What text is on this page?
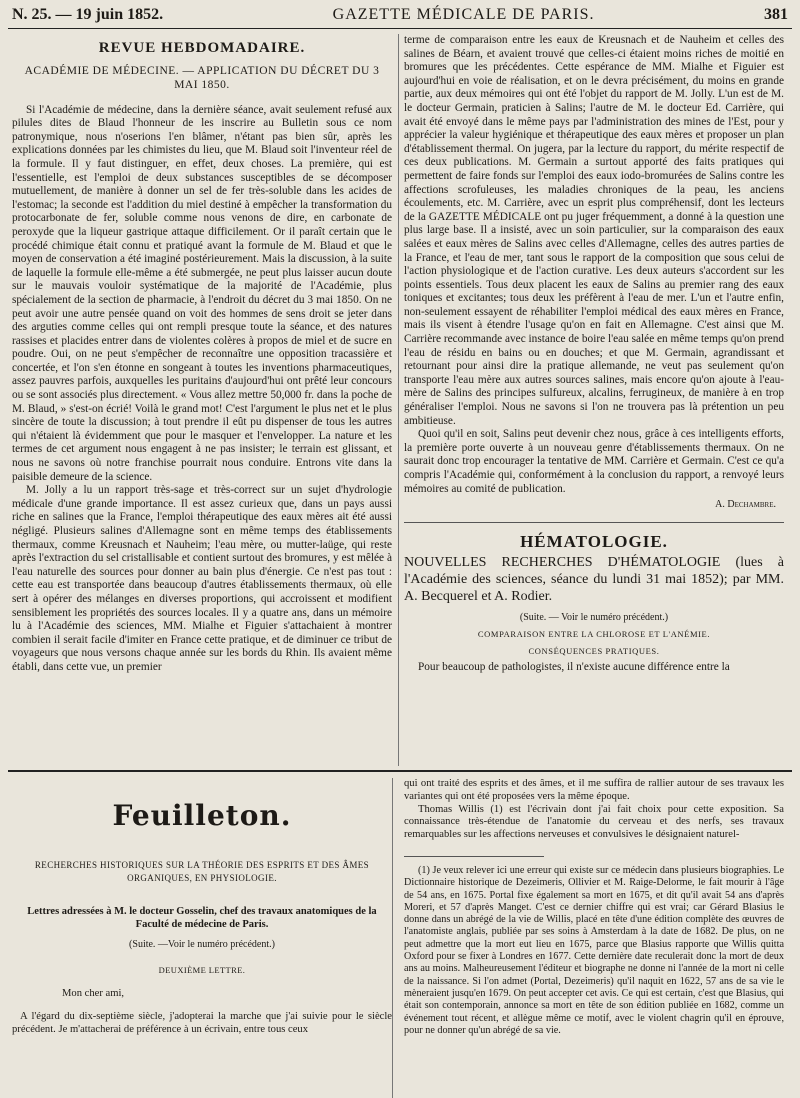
N. 25. — 19 juin 1852.	GAZETTE MÉDICALE DE PARIS.	381
REVUE HEBDOMADAIRE.
ACADÉMIE DE MÉDECINE. — APPLICATION DU DÉCRET DU 3 MAI 1850.

Si l'Académie de médecine, dans la dernière séance, avait seulement refusé aux pilules dites de Blaud l'honneur de les inscrire au Bulletin sous ce nom patronymique, nous n'oserions l'en blâmer, n'étant pas bien sûr, après les explications données par les chimistes du lieu, que M. Blaud soit l'inventeur réel de la formule. Il y faut distinguer, en effet, deux choses. La première, qui est l'essentielle, est l'emploi de deux substances susceptibles de se décomposer mutuellement, de manière à donner un sel de fer très-soluble dans les acides de l'estomac; la seconde est l'addition du miel destiné à empêcher la transformation du protocarbonate de fer, soluble comme nous venons de dire, en carbonate de peroxyde que la liqueur gastrique attaque difficilement. Or il paraît certain que le procédé chimique était connu et pratiqué avant la formule de M. Blaud et que le moyen de conservation a été imaginé postérieurement. Mais la discussion, à la suite de laquelle la formule elle-même a été submergée, ne peut plus laisser aucun doute sur le mauvais vouloir systématique de la majorité de l'Académie, plus spécialement de la section de pharmacie, à l'endroit du décret du 3 mai 1850. On ne peut avoir une autre pensée quand on voit des hommes de sens droit se jeter dans des arguties comme celles qui ont rempli presque toute la séance, et des natures rassises et placides entrer dans de violentes colères à propos de miel et de sucre en poudre. Oui, on ne peut s'empêcher de reconnaître une opposition tracassière et concertée, et l'on s'en étonne en songeant à toutes les inventions pharmaceutiques, assez pauvres parfois, auxquelles les puritains d'aujourd'hui ont prêté leur concours ou se sont associés plus directement. « Vous allez mettre 50,000 fr. dans la poche de M. Blaud, » s'est-on écrié! Voilà le grand mot! C'est l'argument le plus net et le plus sincère de toute la discussion; à tout prendre il eût pu dispenser de tous les autres qui n'étaient là évidemment que pour le masquer et l'envelopper. La nature et les termes de cet argument nous engagent à ne pas insister; le terrain est glissant, et nous ne savons où notre franchise pourrait nous conduire. Entrons vite dans la paisible demeure de la science.

M. Jolly a lu un rapport très-sage et très-correct sur un sujet d'hydrologie médicale d'une grande importance. Il est assez curieux que, dans un pays aussi riche en salines que la France, l'emploi thérapeutique des eaux mères ait été aussi négligé. Plusieurs salines d'Allemagne sont en même temps des établissements thermaux, comme Kreusnach et Nauheim; l'eau mère, ou mutter-laüge, qui reste après l'extraction du sel cristallisable et contient surtout des bromures, y est mêlée à l'eau naturelle des sources pour donner au bain plus d'énergie. Ce n'est pas tout : cette eau est transportée dans beaucoup d'autres établissements thermaux, où elle sert à opérer des mélanges en diverses proportions, qui accroissent et modifient sensiblement les propriétés des sources locales. Il y a quatre ans, dans un mémoire lu à l'Académie des sciences, MM. Mialhe et Figuier s'attachaient à montrer combien il serait facile d'imiter en France cette pratique, et de diminuer ce tribut de voyageurs que nous versons chaque année sur les bords du Rhin. Ils avaient même établi, dans cette vue, un premier

terme de comparaison entre les eaux de Kreusnach et de Nauheim et celles des salines de Béarn, et avaient trouvé que celles-ci étaient moins riches de moitié en bromures que les précédentes. Cette espérance de MM. Mialhe et Figuier est aujourd'hui en voie de réalisation, et on le devra précisément, du moins en grande partie, aux deux mémoires qui ont été l'objet du rapport de M. Jolly. L'un est de M. le docteur Germain, praticien à Salins; l'autre de M. le docteur Ed. Carrière, qui avait été envoyé dans le même pays par l'administration des mines de l'Est, pour y apprécier la valeur hygiénique et thérapeutique des eaux mères et proposer un plan d'établissement thermal. On jugera, par la lecture du rapport, du mérite respectif de ces deux publications. M. Germain a surtout apporté des faits pratiques qui permettent de faire fonds sur l'emploi des eaux iodo-bromurées de Salins contre les affections scrofuleuses, les maladies chroniques de la peau, les anciens écoulements, etc. M. Carrière, avec un esprit plus compréhensif, dont les lecteurs de la GAZETTE MÉDICALE ont pu juger fréquemment, a donné à la question une plus large base. Il a insisté, avec un soin particulier, sur la comparaison des eaux salées et eaux mères de Salins avec celles d'Allemagne, celles des autres parties de la France, et l'eau de mer, tant sous le rapport de la composition que sous celui de l'action physiologique et de l'action curative. Les deux auteurs s'accordent sur les points essentiels. Tous deux placent les eaux de Salins au premier rang des eaux toniques et excitantes; tous deux les préfèrent à l'eau de mer. L'un et l'autre enfin, non-seulement essayent de réhabiliter l'emploi médical des eaux mères en France, mais ils visent à étendre l'usage qu'on en fait en Allemagne. C'est ainsi que M. Carrière recommande avec instance de boire l'eau salée en même temps qu'on prend l'eau de résidu en bains ou en douches; et que M. Germain, agrandissant et retournant pour ainsi dire la pratique allemande, ne veut pas seulement qu'on transporte l'eau mère aux autres sources salines, mais encore qu'on ajoute à l'eau-mère de Salins des principes sulfureux, alcalins, ferrugineux, de manière à en trop généraliser l'emploi. Nous ne savons si l'on ne trouvera pas là prétention un peu ambitieuse.

Quoi qu'il en soit, Salins peut devenir chez nous, grâce à ces intelligents efforts, la première porte ouverte à un nouveau genre d'établissements thermaux. On ne saurait donc trop encourager la tentative de MM. Carrière et Germain. C'est ce qu'a compris l'Académie qui, conformément à la conclusion du rapport, a renvoyé leurs mémoires au comité de publication.

A. Dechambre.
HÉMATOLOGIE.
NOUVELLES RECHERCHES D'HÉMATOLOGIE (lues à l'Académie des sciences, séance du lundi 31 mai 1852); par MM. A. Becquerel et A. Rodier.
(Suite. — Voir le numéro précédent.)
COMPARAISON ENTRE LA CHLOROSE ET L'ANÉMIE.
CONSÉQUENCES PRATIQUES.

Pour beaucoup de pathologistes, il n'existe aucune différence entre la

Feuilleton.
RECHERCHES HISTORIQUES SUR LA THÉORIE DES ESPRITS ET DES ÂMES ORGANIQUES, EN PHYSIOLOGIE.
Lettres adressées à M. le docteur Gosselin, chef des travaux anatomiques de la Faculté de médecine de Paris.
(Suite. —Voir le numéro précédent.)
DEUXIÈME LETTRE.
Mon cher ami,

A l'égard du dix-septième siècle, j'adopterai la marche que j'ai suivie pour le siècle précédent. Je m'attacherai de préférence à un écrivain, entre tous ceux

qui ont traité des esprits et des âmes, et il me suffira de rallier autour de ses travaux les variantes qui ont été proposées vers la même époque.

Thomas Willis (1) est l'écrivain dont j'ai fait choix pour cette exposition. Sa connaissance très-étendue de l'anatomie du cerveau et des nerfs, ses travaux remarquables sur les affections nerveuses et convulsives le désignaient naturel-

(1) Je veux relever ici une erreur qui existe sur ce médecin dans plusieurs biographies. Le Dictionnaire historique de Dezeimeris, Ollivier et M. Raige-Delorme, le fait mourir à l'âge de 54 ans, en 1675. Portal fixe également sa mort en 1675, et dit qu'il avait 54 ans d'après Moreri, et 57 d'après Manget. C'est ce dernier chiffre qui est vrai; car Gérard Blasius le donne dans un abrégé de la vie de Willis, placé en tête d'une édition complète des œuvres de l'anatomiste anglais, publiée par ses soins à Amsterdam à la date de 1682. De plus, on ne peut admettre que la mort eut lieu en 1675, parce que Blasius rapporte que Willis quitta Oxford pour se fixer à Londres en 1677. Cette dernière date reculerait donc la mort de deux ans au moins. Malheureusement l'éditeur et biographe ne donne ni l'année de la mort ni celle de la naissance. Si l'on admet (Portal, Dezeimeris) qu'il naquit en 1622, 57 ans de sa vie le mèneraient jusqu'en 1679. On peut accepter cet avis. Ce qui est certain, c'est que Blasius, qui était son contemporain, annonce sa mort en tête de son édition publiée en 1682, comme un événement tout récent, et allègue même ce motif, avec le violent chagrin qu'il en éprouve, pour ne donner qu'un abrégé de sa vie.
